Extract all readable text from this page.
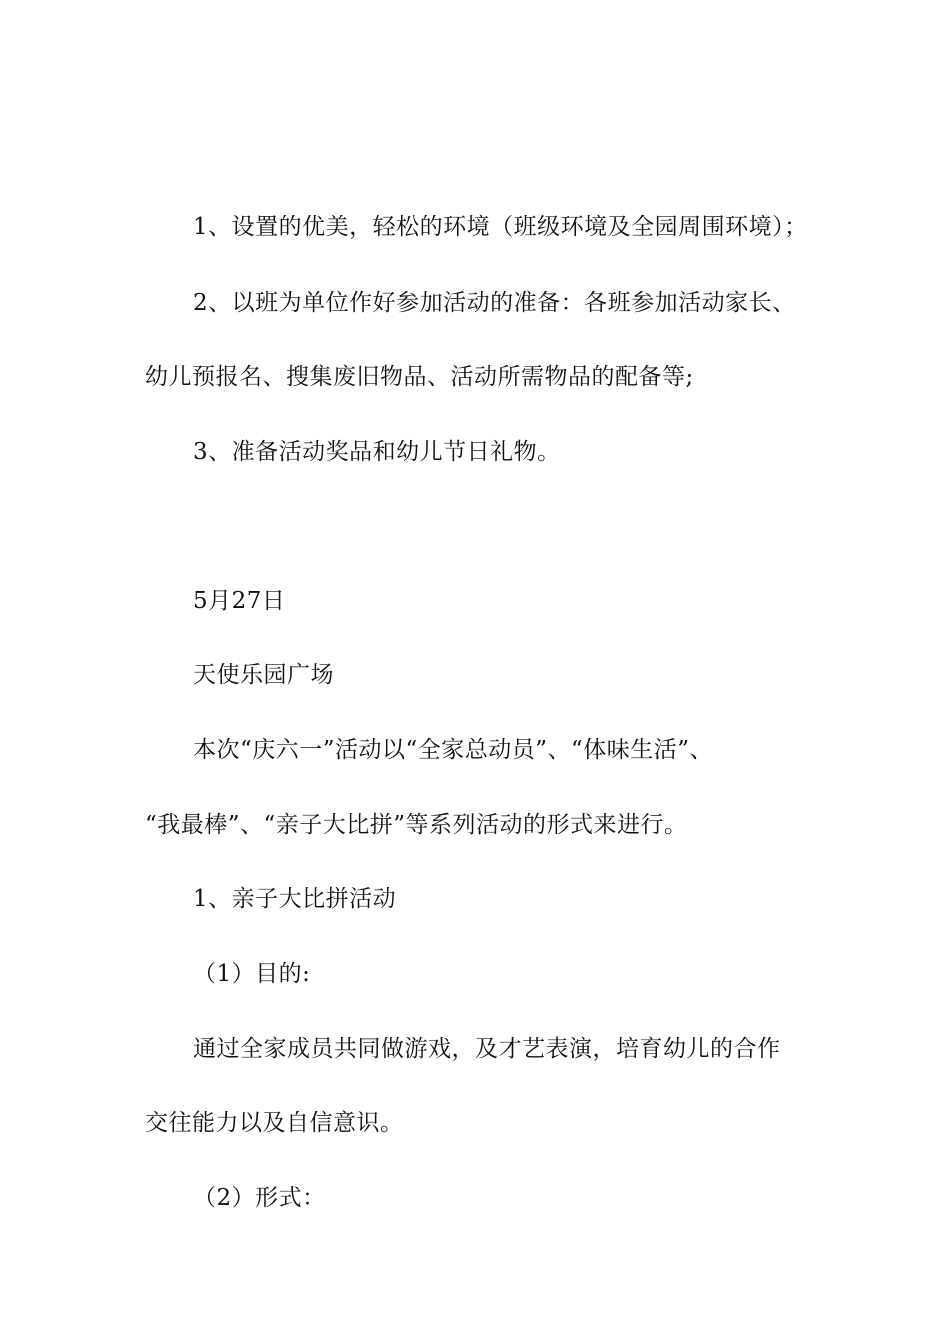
1、设置的优美，轻松的环境（班级环境及全园周围环境）；
2、以班为单位作好参加活动的准备：各班参加活动家长、
幼儿预报名、搜集废旧物品、活动所需物品的配备等;
3、准备活动奖品和幼儿节日礼物。
5月27日
天使乐园广场
本次“庆六一”活动以“全家总动员”、“体味生活”、
“我最棒”、“亲子大比拼”等系列活动的形式来进行。
1、亲子大比拼活动
（1）目的:
通过全家成员共同做游戏，及才艺表演，培育幼儿的合作
交往能力以及自信意识。
（2）形式：
